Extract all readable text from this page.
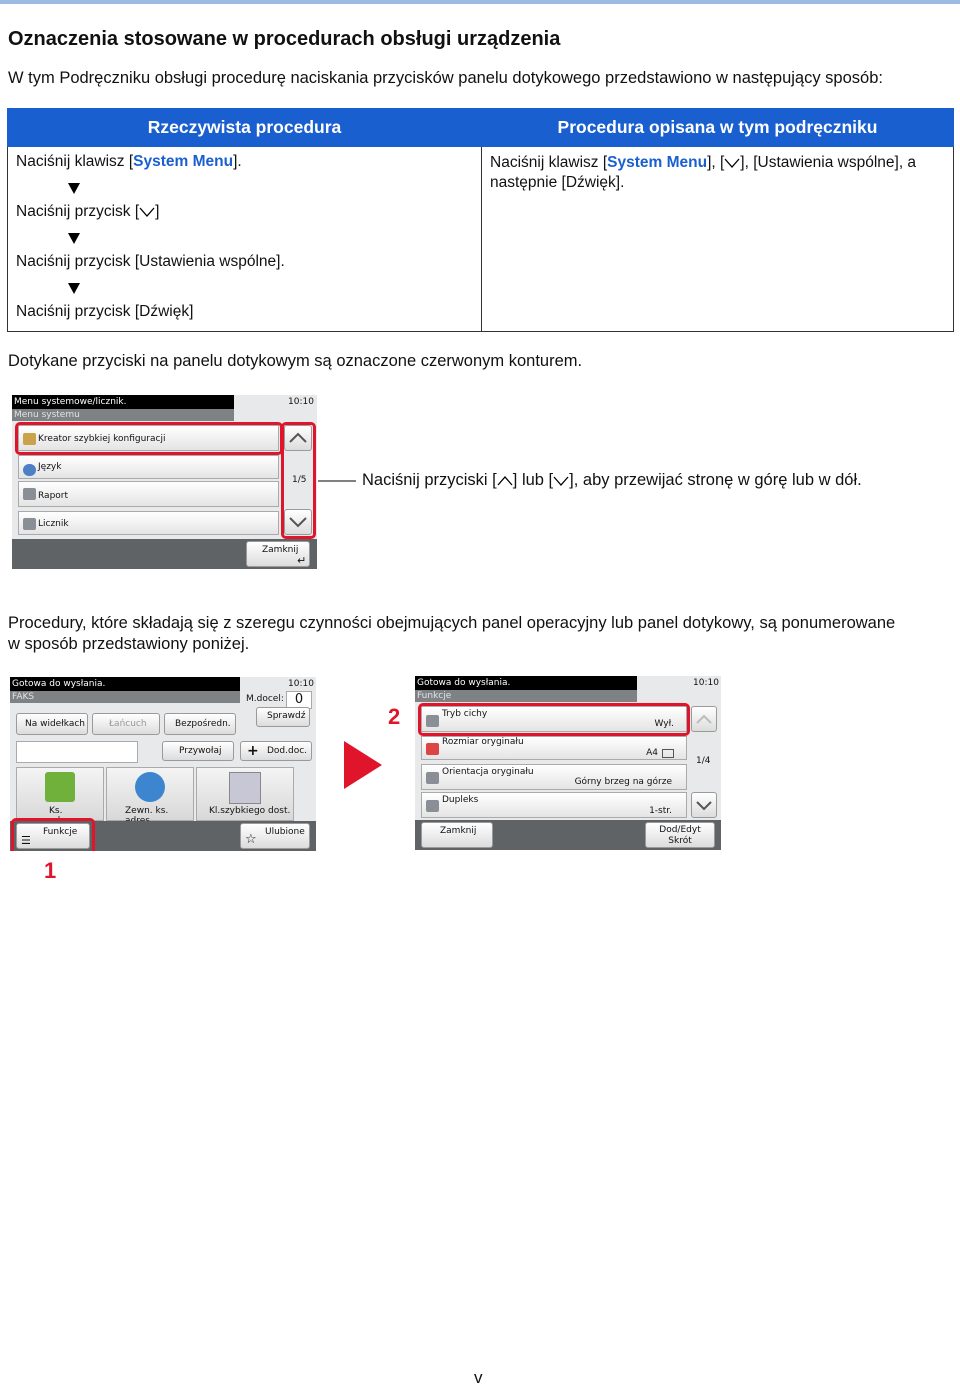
Oznaczenia stosowane w procedurach obsługi urządzenia
W tym Podręczniku obsługi procedurę naciskania przycisków panelu dotykowego przedstawiono w następujący sposób:
Rzeczywista procedura	Procedura opisana w tym podręczniku

Naciśnij klawisz [System Menu].
Naciśnij przycisk [ ]
Naciśnij przycisk [Ustawienia wspólne].
Naciśnij przycisk [Dźwięk]	Naciśnij klawisz [System Menu], [ ], [Ustawienia wspólne], a następnie [Dźwięk].
Dotykane przyciski na panelu dotykowym są oznaczone czerwonym konturem.
Menu systemowe/licznik.
Menu systemu
10:10
Kreator szybkiej konfiguracji
Język
Raport
Licznik
1/5
Zamknij
↵
Naciśnij przyciski [ ] lub [ ], aby przewijać stronę w górę lub w dół.
Procedury, które składają się z szeregu czynności obejmujących panel operacyjny lub panel dotykowy, są ponumerowane w sposób przedstawiony poniżej.
Gotowa do wysłania.
FAKS
10:10
M.docel: 0
Sprawdź
Na widełkach	Łańcuch	Bezpośredn.
Przywołaj + Dod.doc.
Ks.	Zewn. ks.	Kl.szybkiego dost.
☰
Funkcje	☆ Ulubione
1
2
Gotowa do wysłania.
Funkcje
10:10
Tryb cichy
Wył.
Rozmiar oryginału
A4
Orientacja oryginału
Górny brzeg na górze
Dupleks
1-str.
1/4
Zamknij	Dod/Edyt
Skrót
v
